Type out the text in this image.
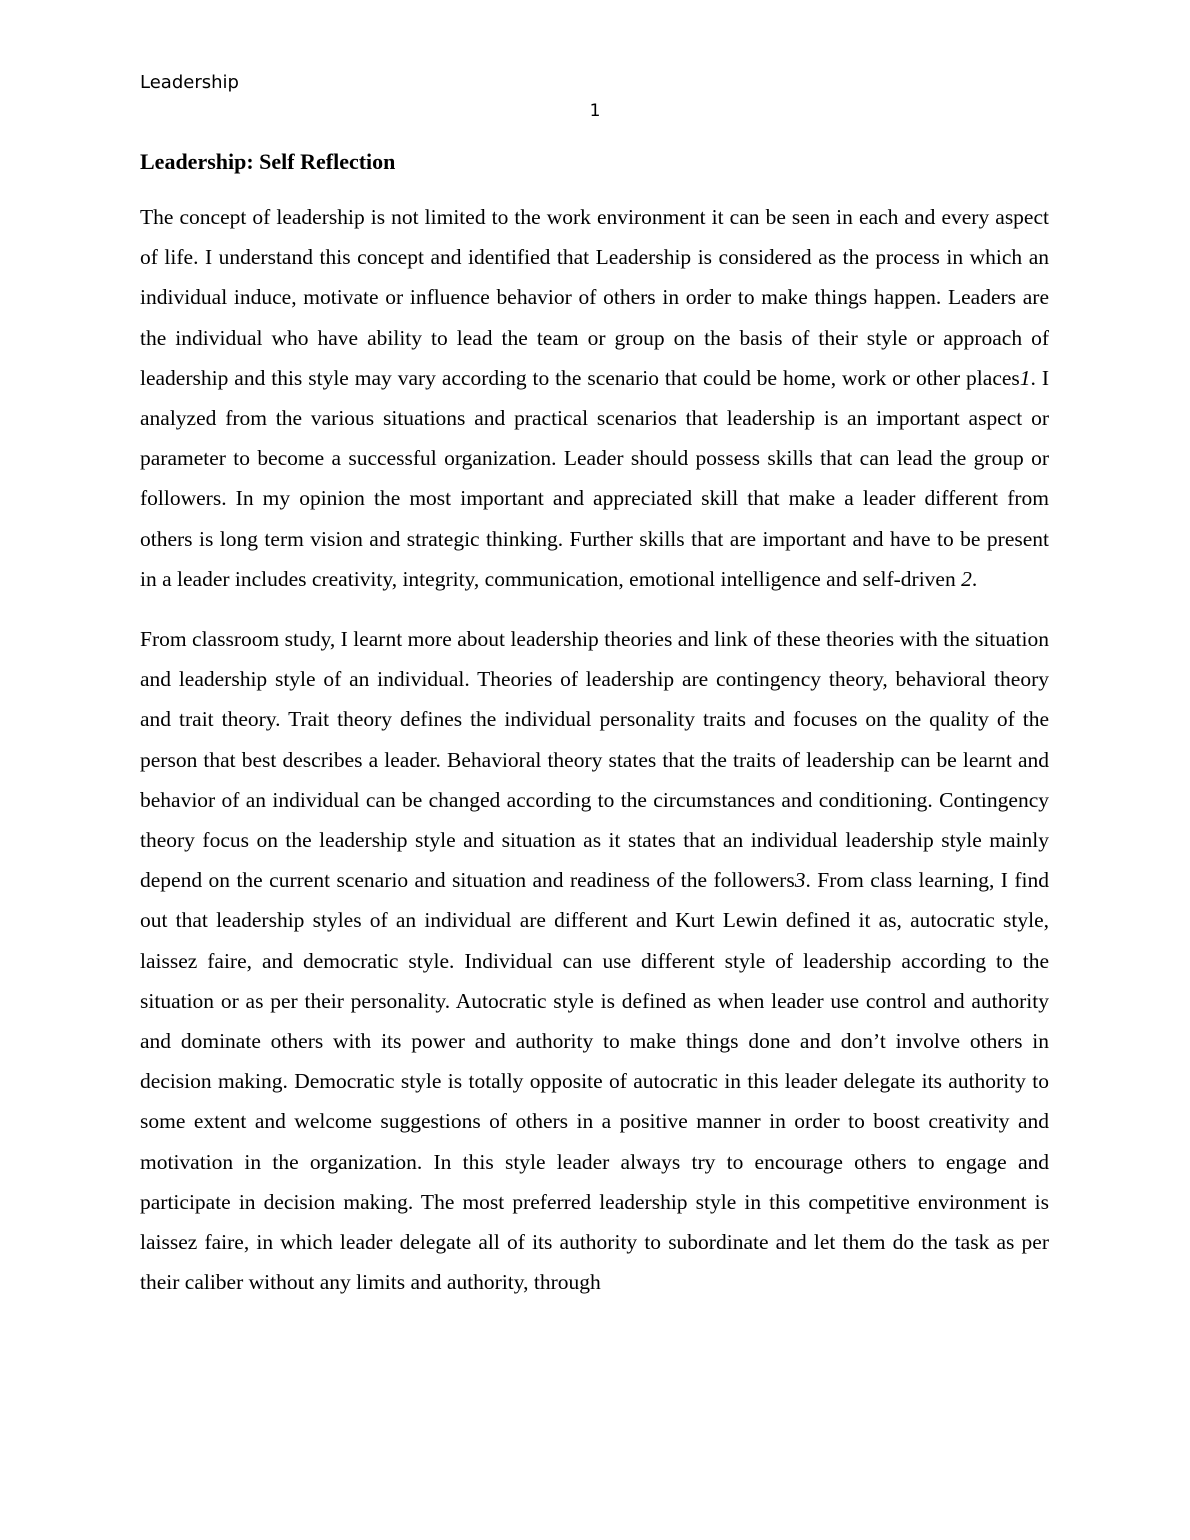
Leadership
1
Leadership: Self Reflection

The concept of leadership is not limited to the work environment it can be seen in each and every aspect of life. I understand this concept and identified that Leadership is considered as the process in which an individual induce, motivate or influence behavior of others in order to make things happen. Leaders are the individual who have ability to lead the team or group on the basis of their style or approach of leadership and this style may vary according to the scenario that could be home, work or other places1. I analyzed from the various situations and practical scenarios that leadership is an important aspect or parameter to become a successful organization. Leader should possess skills that can lead the group or followers. In my opinion the most important and appreciated skill that make a leader different from others is long term vision and strategic thinking. Further skills that are important and have to be present in a leader includes creativity, integrity, communication, emotional intelligence and self-driven 2.

From classroom study, I learnt more about leadership theories and link of these theories with the situation and leadership style of an individual. Theories of leadership are contingency theory, behavioral theory and trait theory. Trait theory defines the individual personality traits and focuses on the quality of the person that best describes a leader. Behavioral theory states that the traits of leadership can be learnt and behavior of an individual can be changed according to the circumstances and conditioning. Contingency theory focus on the leadership style and situation as it states that an individual leadership style mainly depend on the current scenario and situation and readiness of the followers3. From class learning, I find out that leadership styles of an individual are different and Kurt Lewin defined it as, autocratic style, laissez faire, and democratic style. Individual can use different style of leadership according to the situation or as per their personality. Autocratic style is defined as when leader use control and authority and dominate others with its power and authority to make things done and don’t involve others in decision making. Democratic style is totally opposite of autocratic in this leader delegate its authority to some extent and welcome suggestions of others in a positive manner in order to boost creativity and motivation in the organization. In this style leader always try to encourage others to engage and participate in decision making. The most preferred leadership style in this competitive environment is laissez faire, in which leader delegate all of its authority to subordinate and let them do the task as per their caliber without any limits and authority, through
